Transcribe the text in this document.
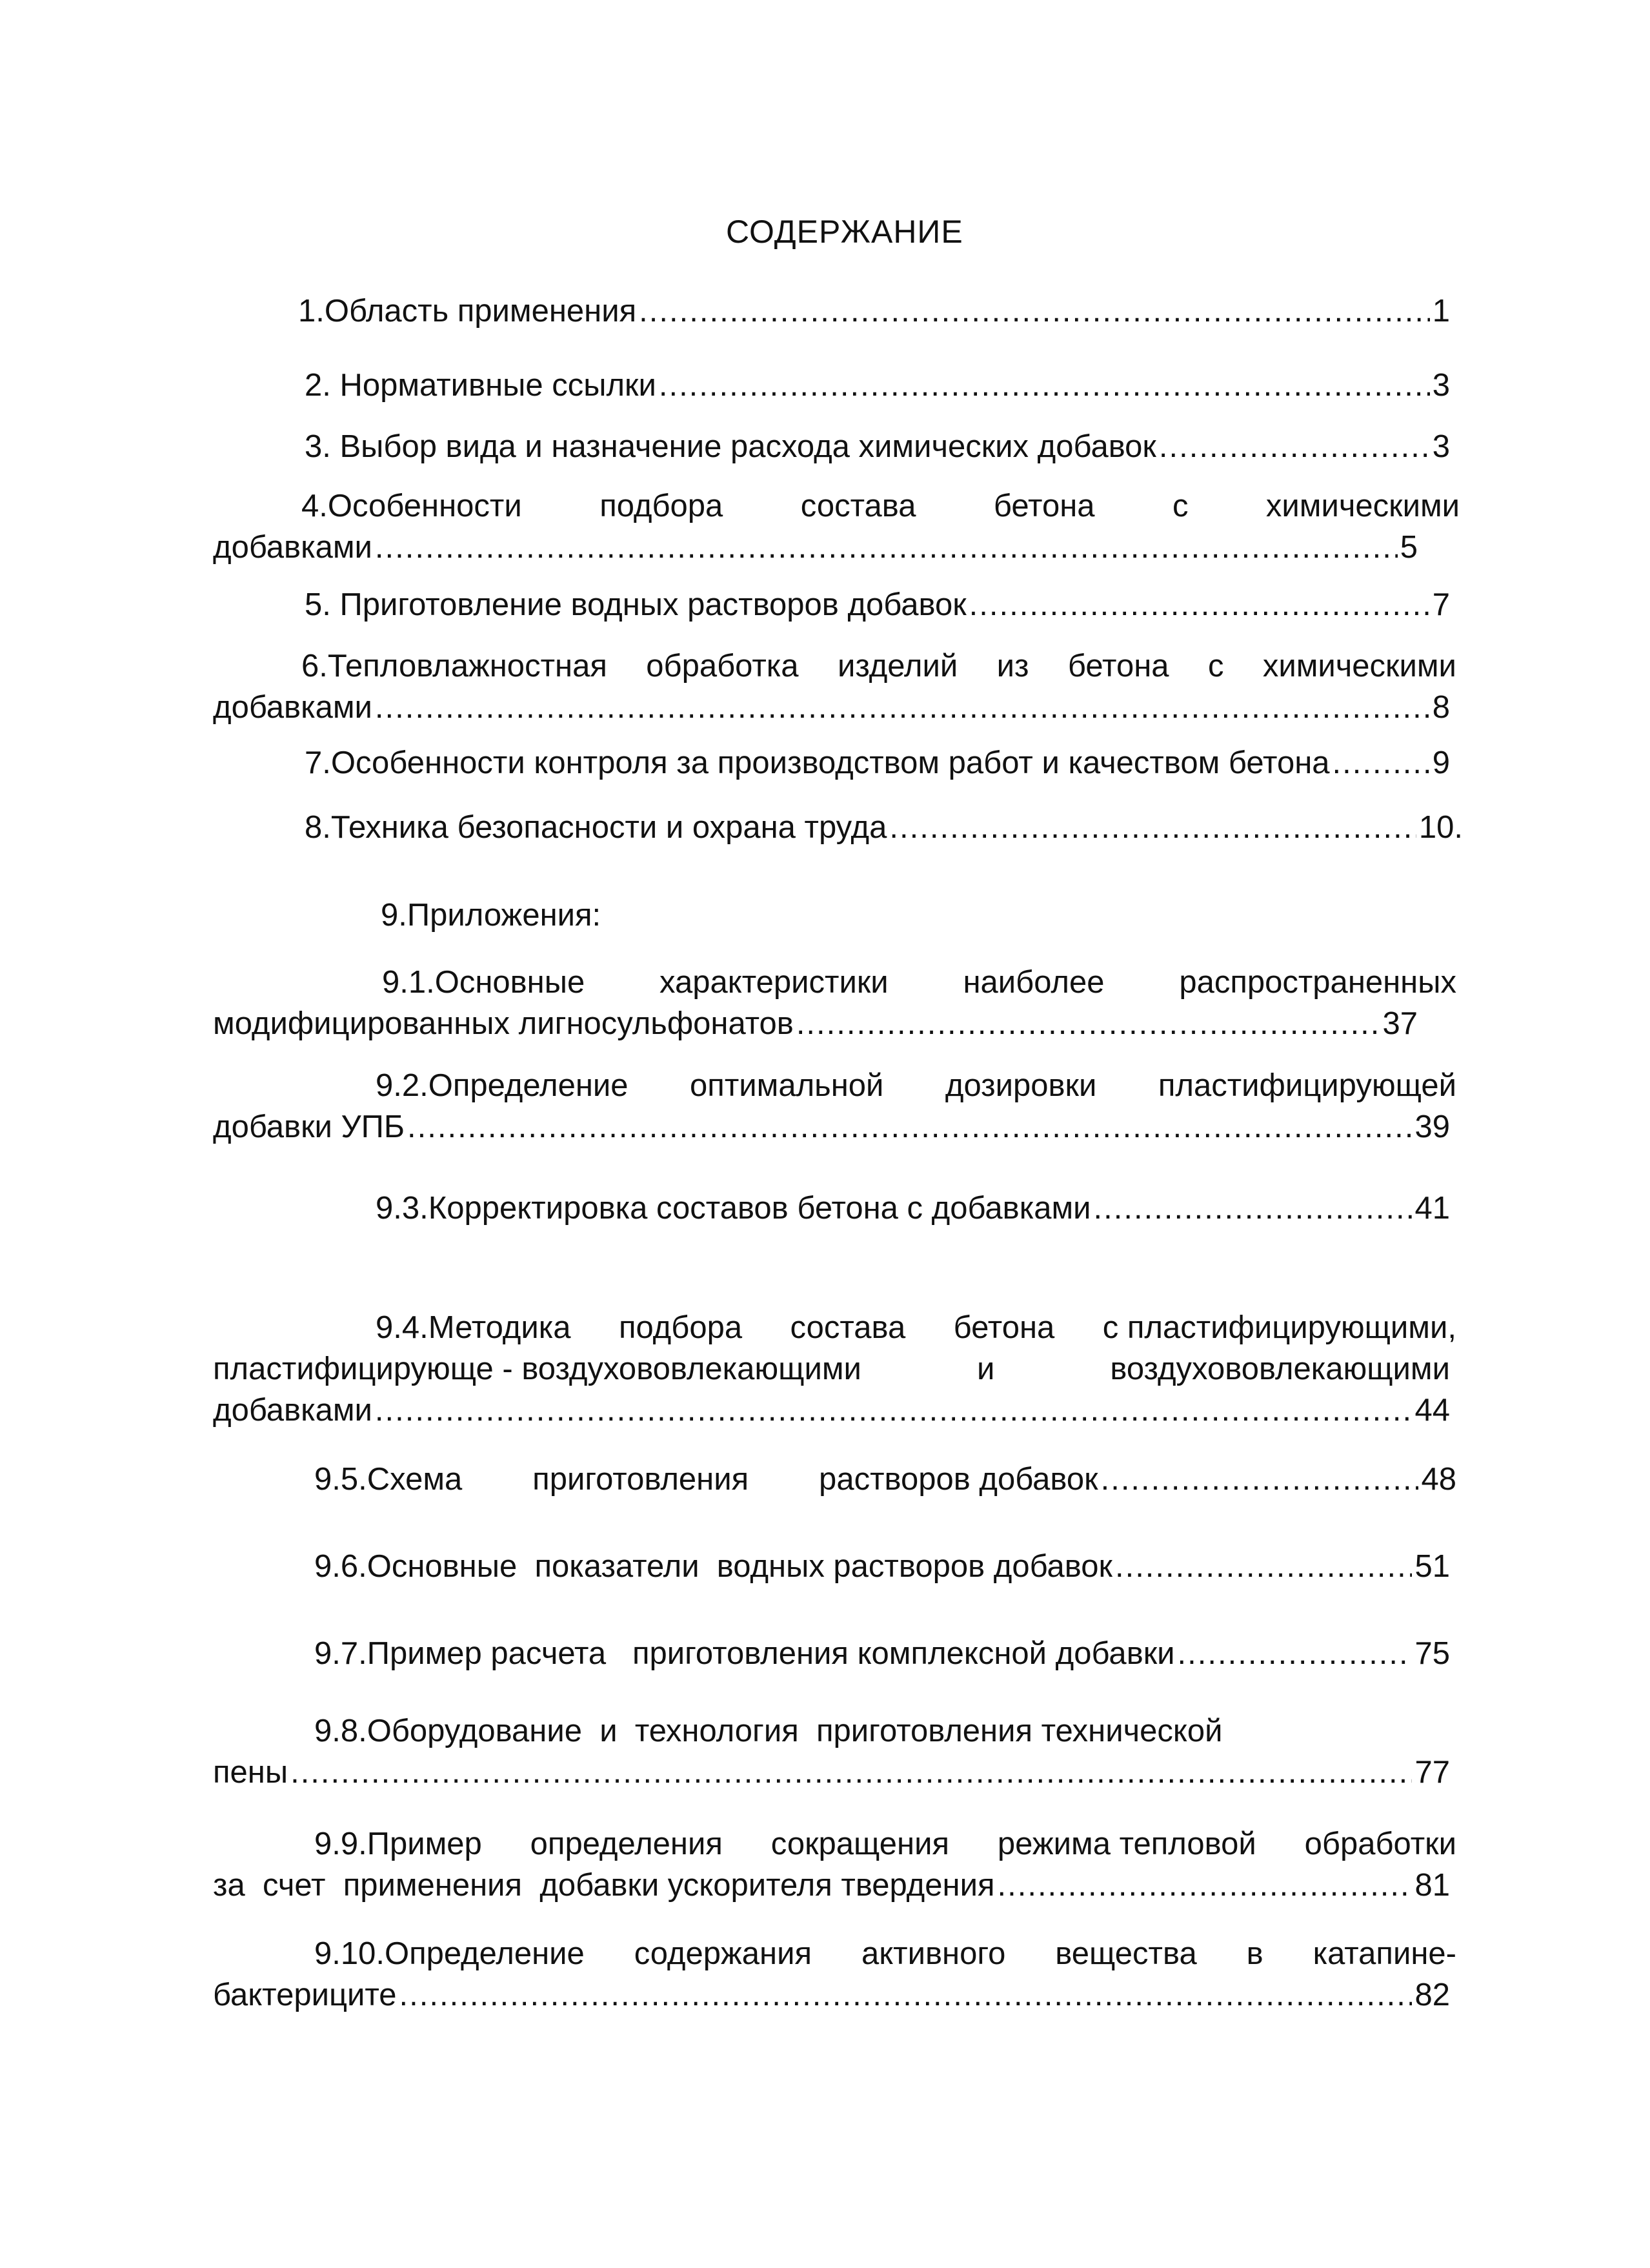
СОДЕРЖАНИЕ
1.Область применения .....	1
2. Нормативные ссылки .....	3
3. Выбор вида и назначение расхода химических добавок .....	3
4.Особенности подбора состава бетона с химическими
добавками .....	5
5. Приготовление водных растворов добавок .....	7
6.Тепловлажностная обработка изделий из бетона с химическими
добавками .....	8
7.Особенности контроля за производством работ и качеством бетона .....	9
8.Техника безопасности и охрана труда .....	10.
9.Приложения:
9.1.Основные характеристики наиболее распространенных
модифицированных лигносульфонатов .....	37
9.2.Определение оптимальной дозировки пластифицирующей
добавки УПБ .....	39
9.3.Корректировка составов бетона с добавками .....	41
9.4.Методика подбора состава бетона с пластифицирующими,
пластифицирующе - воздухововлекающими	и	воздухововлекающими
добавками .....	44
9.5.Схема        приготовления        растворов добавок .....	48
9.6.Основные  показатели  водных растворов добавок .....	51
9.7.Пример расчета   приготовления комплексной добавки .....	75
9.8.Оборудование  и  технология  приготовления технической
пены .....	77
9.9.Пример определения сокращения режима тепловой обработки
за  счет  применения  добавки ускорителя твердения .....	81
9.10.Определение содержания активного вещества в катапине-
бактериците .....	82
